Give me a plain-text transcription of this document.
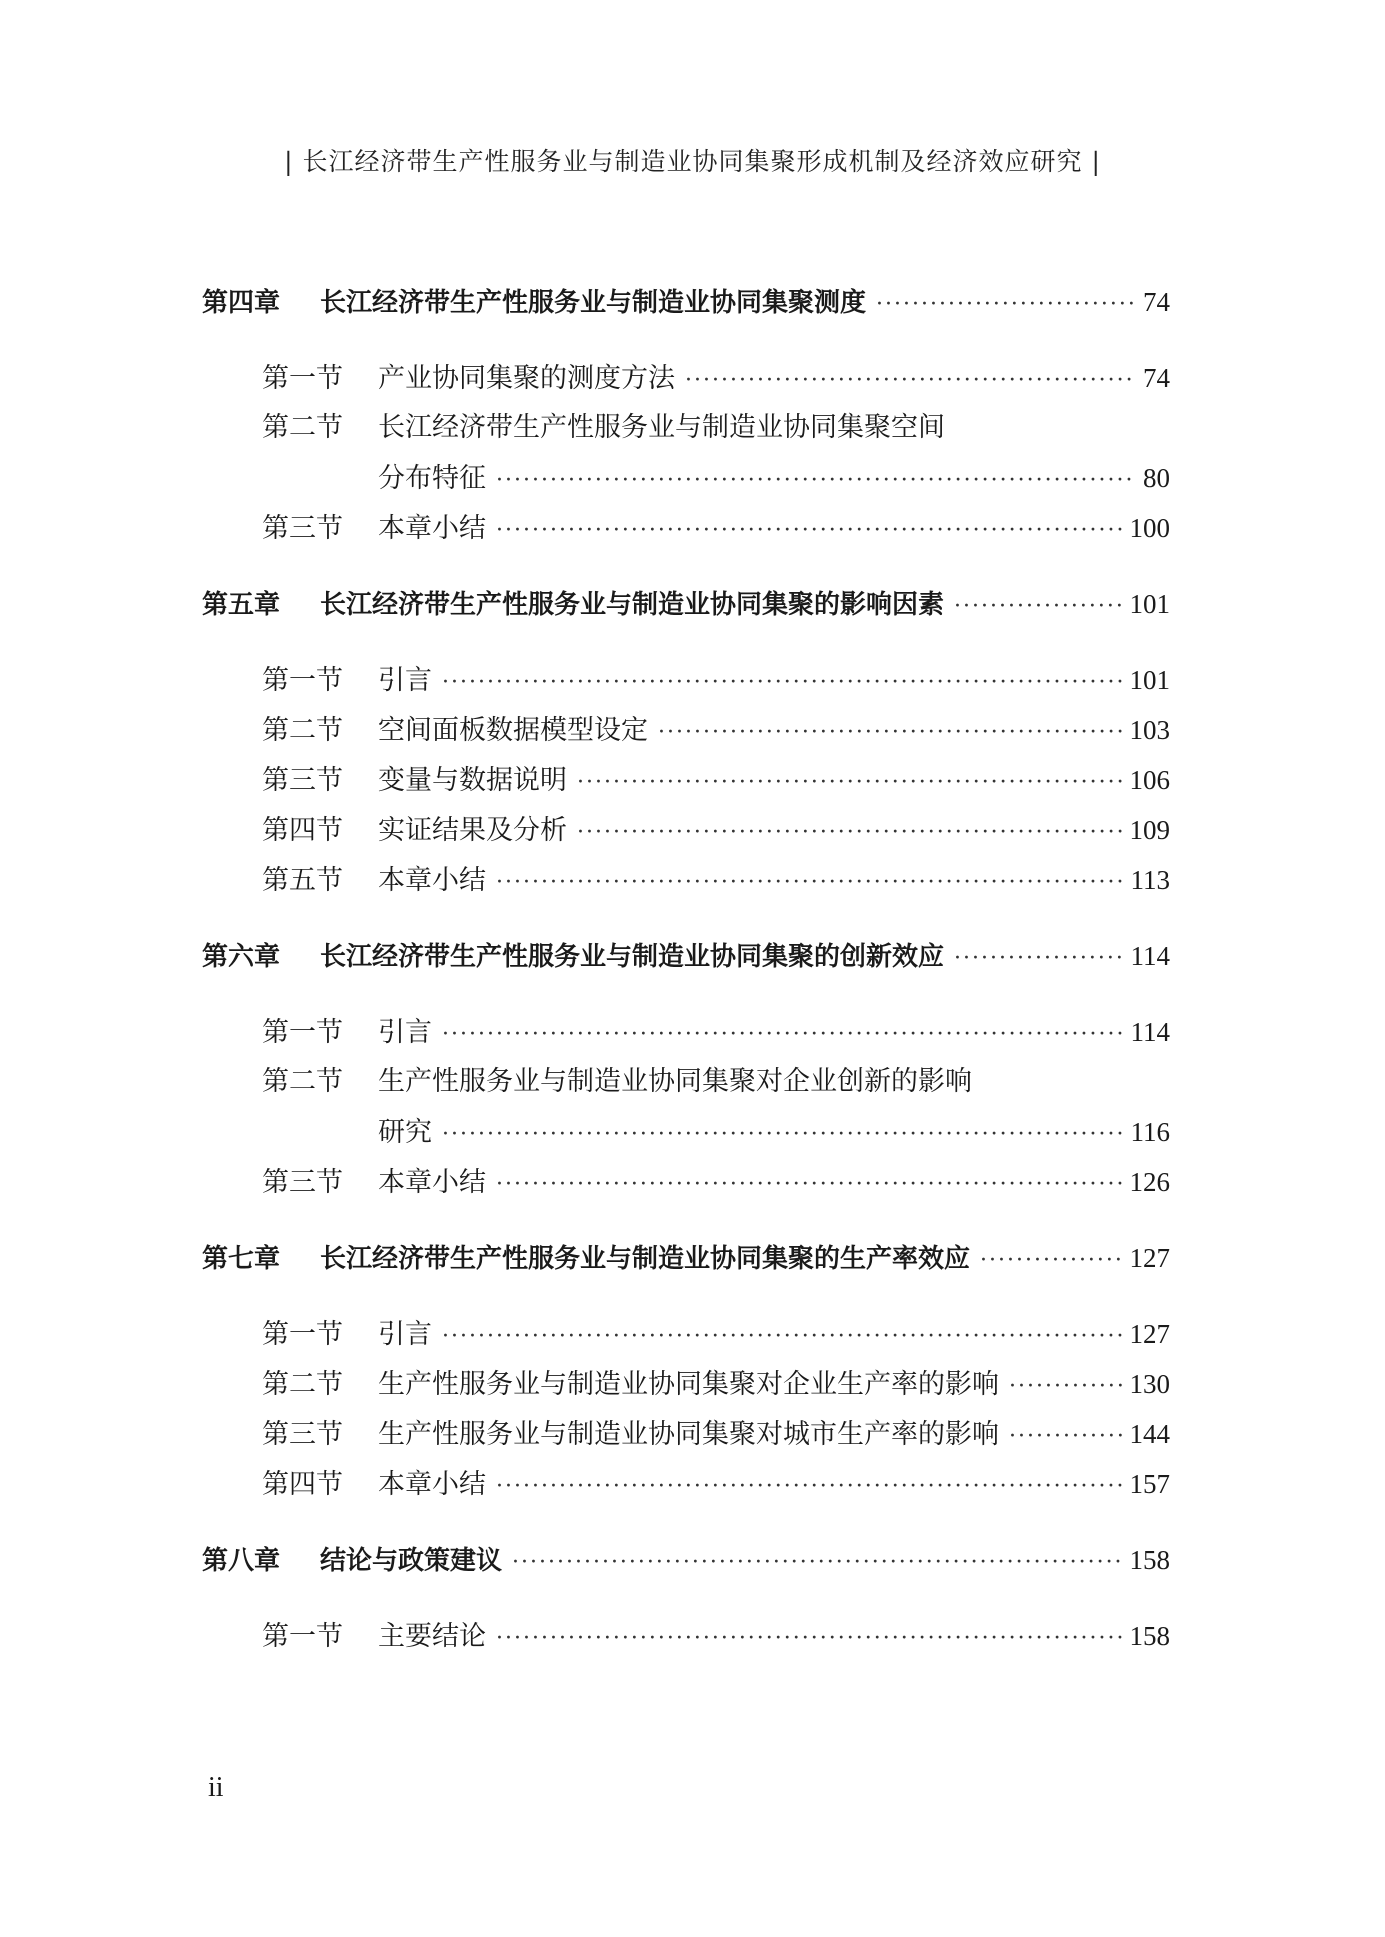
| 长江经济带生产性服务业与制造业协同集聚形成机制及经济效应研究 |
第四章	长江经济带生产性服务业与制造业协同集聚测度 ·····	74
第一节	产业协同集聚的测度方法 ·····	74
第二节	长江经济带生产性服务业与制造业协同集聚空间
分布特征 ·····	80
第三节	本章小结 ·····	100
第五章	长江经济带生产性服务业与制造业协同集聚的影响因素 ·····	101
第一节	引言 ·····	101
第二节	空间面板数据模型设定 ·····	103
第三节	变量与数据说明 ·····	106
第四节	实证结果及分析 ·····	109
第五节	本章小结 ·····	113
第六章	长江经济带生产性服务业与制造业协同集聚的创新效应 ·····	114
第一节	引言 ·····	114
第二节	生产性服务业与制造业协同集聚对企业创新的影响
研究 ·····	116
第三节	本章小结 ·····	126
第七章	长江经济带生产性服务业与制造业协同集聚的生产率效应 ·····	127
第一节	引言 ·····	127
第二节	生产性服务业与制造业协同集聚对企业生产率的影响 ·····	130
第三节	生产性服务业与制造业协同集聚对城市生产率的影响 ·····	144
第四节	本章小结 ·····	157
第八章	结论与政策建议 ·····	158
第一节	主要结论 ·····	158
ii
